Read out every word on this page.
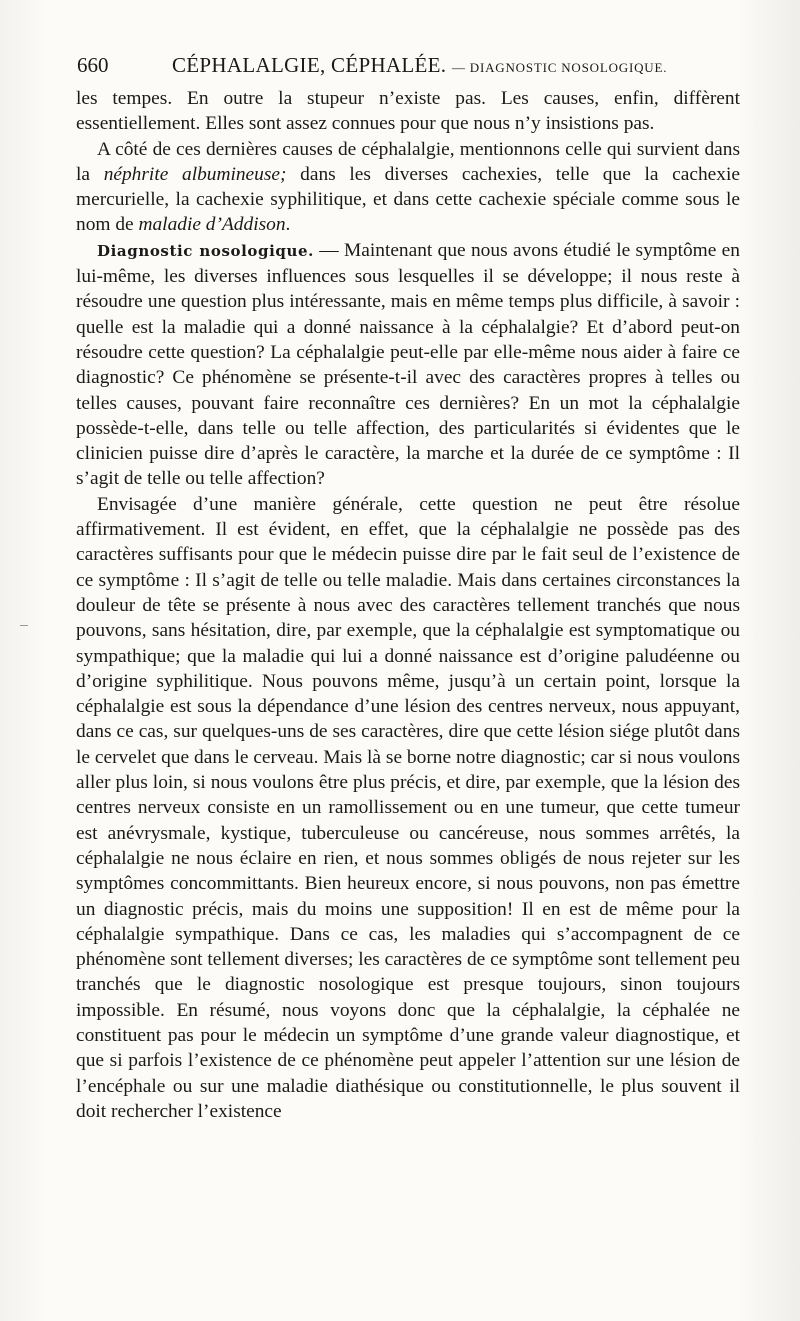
660	CÉPHALALGIE, CÉPHALÉE. — DIAGNOSTIC NOSOLOGIQUE.

les tempes. En outre la stupeur n’existe pas. Les causes, enfin, diffèrent essentiellement. Elles sont assez connues pour que nous n’y insistions pas.

A côté de ces dernières causes de céphalalgie, mentionnons celle qui survient dans la néphrite albumineuse; dans les diverses cachexies, telle que la cachexie mercurielle, la cachexie syphilitique, et dans cette cachexie spéciale comme sous le nom de maladie d’Addison.

Diagnostic nosologique. — Maintenant que nous avons étudié le symptôme en lui-même, les diverses influences sous lesquelles il se développe; il nous reste à résoudre une question plus intéressante, mais en même temps plus difficile, à savoir : quelle est la maladie qui a donné naissance à la céphalalgie? Et d’abord peut-on résoudre cette question? La céphalalgie peut-elle par elle-même nous aider à faire ce diagnostic? Ce phénomène se présente-t-il avec des caractères propres à telles ou telles causes, pouvant faire reconnaître ces dernières? En un mot la céphalalgie possède-t-elle, dans telle ou telle affection, des particularités si évidentes que le clinicien puisse dire d’après le caractère, la marche et la durée de ce symptôme : Il s’agit de telle ou telle affection?

Envisagée d’une manière générale, cette question ne peut être résolue affirmativement. Il est évident, en effet, que la céphalalgie ne possède pas des caractères suffisants pour que le médecin puisse dire par le fait seul de l’existence de ce symptôme : Il s’agit de telle ou telle maladie. Mais dans certaines circonstances la douleur de tête se présente à nous avec des caractères tellement tranchés que nous pouvons, sans hésitation, dire, par exemple, que la céphalalgie est symptomatique ou sympathique; que la maladie qui lui a donné naissance est d’origine paludéenne ou d’origine syphilitique. Nous pouvons même, jusqu’à un certain point, lorsque la céphalalgie est sous la dépendance d’une lésion des centres nerveux, nous appuyant, dans ce cas, sur quelques-uns de ses caractères, dire que cette lésion siége plutôt dans le cervelet que dans le cerveau. Mais là se borne notre diagnostic; car si nous voulons aller plus loin, si nous voulons être plus précis, et dire, par exemple, que la lésion des centres nerveux consiste en un ramollissement ou en une tumeur, que cette tumeur est anévrysmale, kystique, tuberculeuse ou cancéreuse, nous sommes arrêtés, la céphalalgie ne nous éclaire en rien, et nous sommes obligés de nous rejeter sur les symptômes concommittants. Bien heureux encore, si nous pouvons, non pas émettre un diagnostic précis, mais du moins une supposition! Il en est de même pour la céphalalgie sympathique. Dans ce cas, les maladies qui s’accompagnent de ce phénomène sont tellement diverses; les caractères de ce symptôme sont tellement peu tranchés que le diagnostic nosologique est presque toujours, sinon toujours impossible. En résumé, nous voyons donc que la céphalalgie, la céphalée ne constituent pas pour le médecin un symptôme d’une grande valeur diagnostique, et que si parfois l’existence de ce phénomène peut appeler l’attention sur une lésion de l’encéphale ou sur une maladie diathésique ou constitutionnelle, le plus souvent il doit rechercher l’existence
